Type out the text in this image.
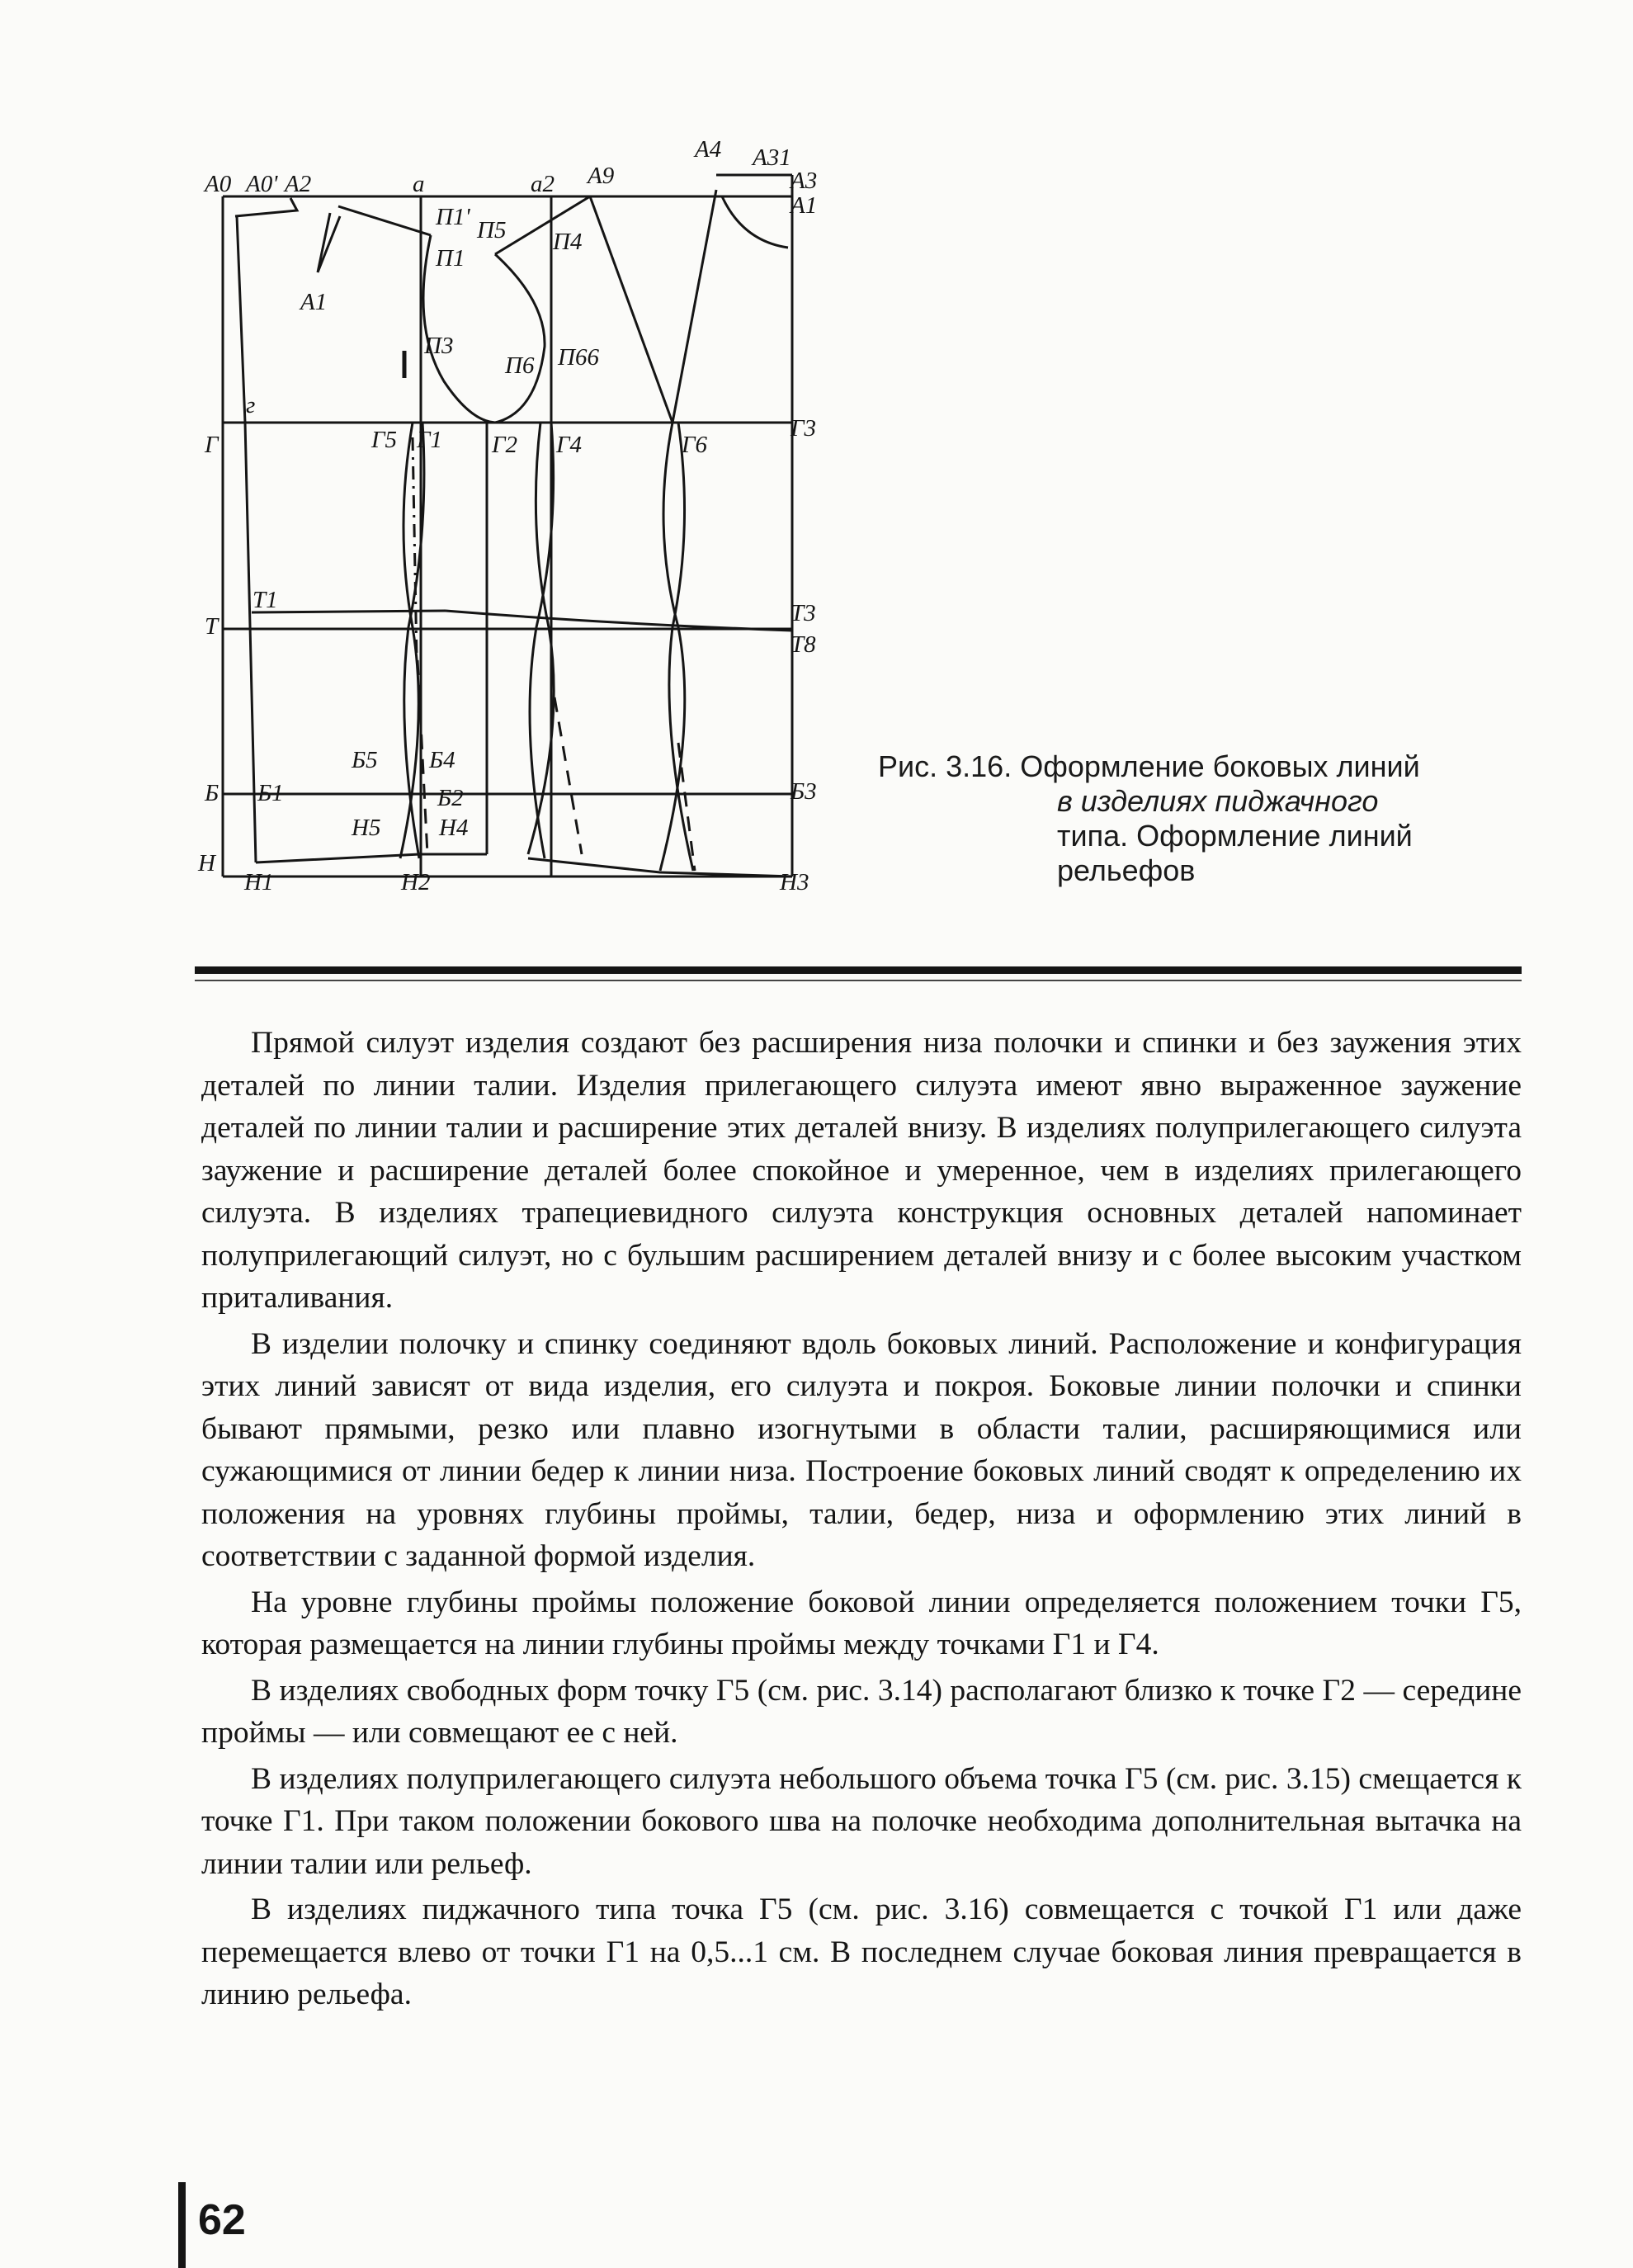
A0 A0' A2	a	a2 A9
A4 A31
A3
A1
A1
П1' П5
П1
П4
П3
П6 П66
г
Г	Г5 Г1 Г2 Г4	Г6
Г3
Т1
Т	Т3
Т8
Б5 Б4
Б Б1	Б2	Б3
Н5 Н4
Н
Н1	Н2	Н3
Рис. 3.16. Оформление боковых линий
в изделиях пиджачного
типа. Оформление линий
рельефов

Прямой силуэт изделия создают без расширения низа полочки и спинки и без заужения этих деталей по линии талии. Изделия прилегающего силуэта имеют явно выраженное заужение деталей по линии талии и расширение этих деталей внизу. В изделиях полуприлегающего силуэта заужение и расширение деталей более спокойное и умеренное, чем в изделиях прилегающего силуэта. В изделиях трапециевидного силуэта конструкция основных деталей напоминает полуприлегающий силуэт, но с бульшим расширением деталей внизу и с более высоким участком приталивания.

В изделии полочку и спинку соединяют вдоль боковых линий. Расположение и конфигурация этих линий зависят от вида изделия, его силуэта и покроя. Боковые линии полочки и спинки бывают прямыми, резко или плавно изогнутыми в области талии, расширяющимися или сужающимися от линии бедер к линии низа. Построение боковых линий сводят к определению их положения на уровнях глубины проймы, талии, бедер, низа и оформлению этих линий в соответствии с заданной формой изделия.

На уровне глубины проймы положение боковой линии определяется положением точки Г5, которая размещается на линии глубины проймы между точками Г1 и Г4.

В изделиях свободных форм точку Г5 (см. рис. 3.14) располагают близко к точке Г2 — середине проймы — или совмещают ее с ней.

В изделиях полуприлегающего силуэта небольшого объема точка Г5 (см. рис. 3.15) смещается к точке Г1. При таком положении бокового шва на полочке необходима дополнительная вытачка на линии талии или рельеф.

В изделиях пиджачного типа точка Г5 (см. рис. 3.16) совмещается с точкой Г1 или даже перемещается влево от точки Г1 на 0,5...1 см. В последнем случае боковая линия превращается в линию рельефа.

62
